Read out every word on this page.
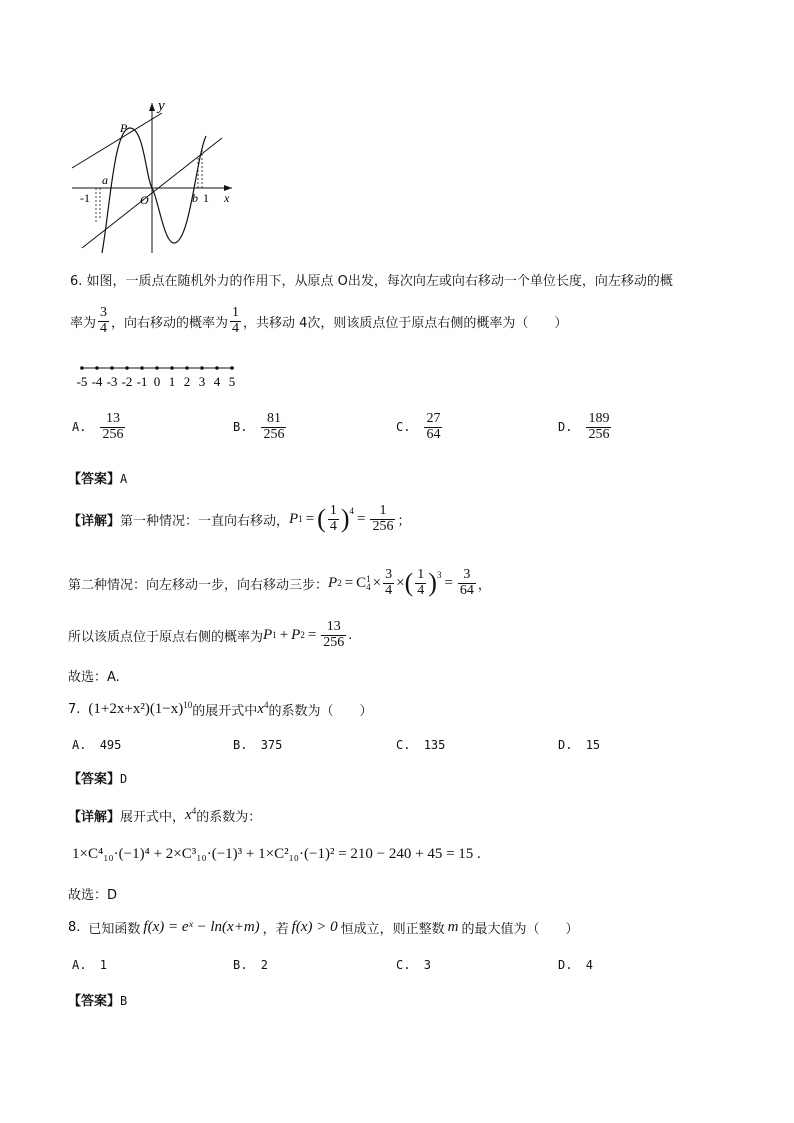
y
x
P
O
a
b
-1	1
6. 如图，一质点在随机外力的作用下，从原点 O出发，每次向左或向右移动一个单位长度，向左移动的概
率为 $\frac{3}{4}$ ，向右移动的概率为 $\frac{1}{4}$ ，共移动 4次，则该质点位于原点右侧的概率为（　　）
-5 -4 -3 -2 -1 0 1 2 3 4 5
A. $\frac{13}{256}$	B. $\frac{81}{256}$	C. $\frac{27}{64}$	D. $\frac{189}{256}$
【答案】A
【详解】 第一种情况：一直向右移动， P 1 = ( $\frac{1}{4} )^4 = \frac{1}{256}$ ；
第二种情况：向左移动一步，向右移动三步： P 2 = C 1
$4 \times \frac{3}{4}$ × ( $\frac{1}{4} )^3 = \frac{3}{64}$ ，
所以该质点位于原点右侧的概率为 P 1 + P $2 = \frac{13}{256}$ .
故选：A.
7. $(1+2x+x^2)(1-x)^{10}$ 的展开式中 $x^4$ 的系数为（　　）
A. 495	B. 375	C. 135	D. 15
【答案】D
【详解】 展开式中， $x^4$ 的系数为：
1×C⁴₁₀·(−1)⁴ + 2×C³₁₀·(−1)³ + 1×C²₁₀·(−1)² = 210 − 240 + 45 = 15 .
故选：D
8. 已知函数 f(x) = eˣ − ln(x+m) ，若 f(x) > 0 恒成立，则正整数 m 的最大值为（　　）
A. 1	B. 2	C. 3	D. 4
【答案】B
